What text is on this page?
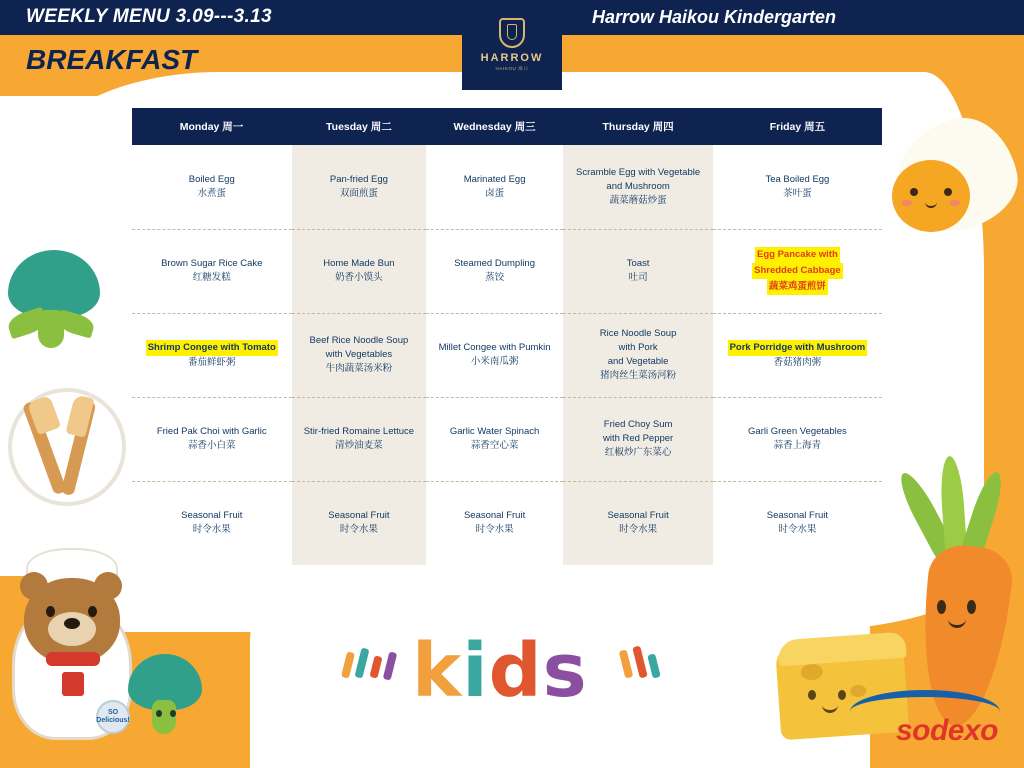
WEEKLY MENU 3.09---3.13	Harrow Haikou Kindergarten
HARROW
HAIKOU 海口
BREAKFAST
Monday 周一	Tuesday 周二	Wednesday 周三	Thursday 周四	Friday 周五

Boiled Egg
水煮蛋	Pan-fried Egg
双面煎蛋	Marinated Egg
卤蛋	Scramble Egg with Vegetable
and Mushroom
蔬菜蘑菇炒蛋	Tea Boiled Egg
茶叶蛋

Brown Sugar Rice Cake
红糖发糕	Home Made Bun
奶香小馍头	Steamed Dumpling
蒸饺	Toast
吐司	Egg Pancake with
Shredded Cabbage
蔬菜鸡蛋煎饼

Shrimp Congee with Tomato
番茄鲜虾粥	Beef Rice Noodle Soup
with Vegetables
牛肉蔬菜汤米粉	Millet Congee with Pumkin
小米南瓜粥	Rice Noodle Soup
with Pork
and Vegetable
猪肉丝生菜汤河粉	Pork Porridge with Mushroom
香菇猪肉粥

Fried Pak Choi with Garlic
蒜香小白菜	Stir-fried Romaine Lettuce
清炒油麦菜	Garlic Water Spinach
蒜香空心菜	Fried Choy Sum
with Red Pepper
红椒炒广东菜心	Garli Green Vegetables
蒜香上海青

Seasonal Fruit
时令水果	Seasonal Fruit
时令水果	Seasonal Fruit
时令水果	Seasonal Fruit
时令水果	Seasonal Fruit
时令水果
SO Delicious!
kids
sodexo
